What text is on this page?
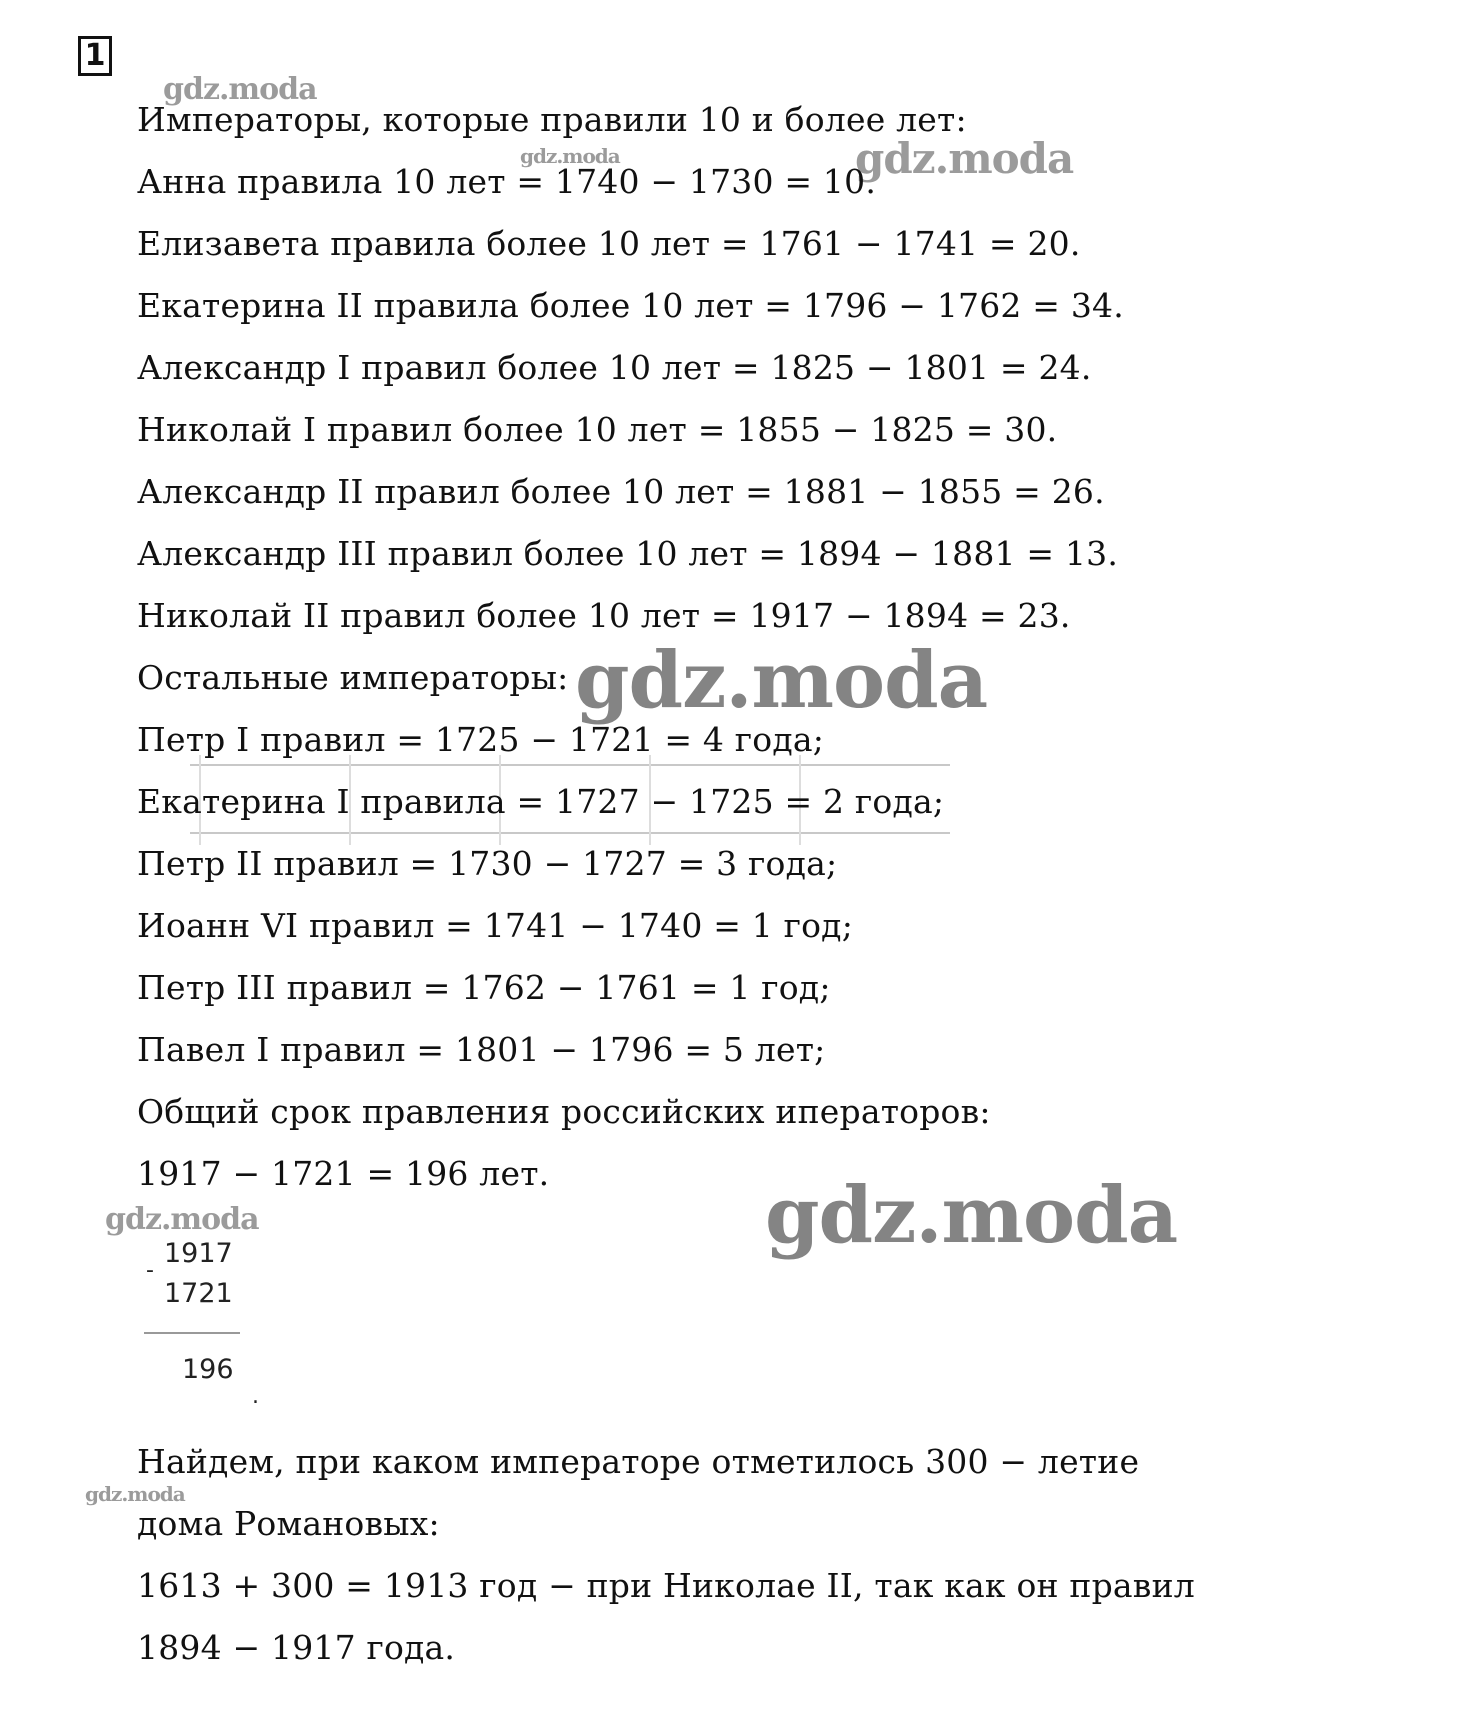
1
gdz.moda
gdz.moda	gdz.moda
gdz.moda
gdz.moda	gdz.moda
gdz.moda
Императоры, которые правили 10 и более лет:
Анна правила 10 лет = 1740 − 1730 = 10.
Елизавета правила более 10 лет = 1761 − 1741 = 20.
Екатерина II правила более 10 лет = 1796 − 1762 = 34.
Александр I правил более 10 лет = 1825 − 1801 = 24.
Николай I правил более 10 лет = 1855 − 1825 = 30.
Александр II правил более 10 лет = 1881 − 1855 = 26.
Александр III правил более 10 лет = 1894 − 1881 = 13.
Николай II правил более 10 лет = 1917 − 1894 = 23.
Остальные императоры:
Петр I правил = 1725 − 1721 = 4 года;
Екатерина I правила = 1727 − 1725 = 2 года;
Петр II правил = 1730 − 1727 = 3 года;
Иоанн VI правил = 1741 − 1740 = 1 год;
Петр III правил = 1762 − 1761 = 1 год;
Павел I правил = 1801 − 1796 = 5 лет;
Общий срок правления российских иператоров:
1917 − 1721 = 196 лет.
1917
-
1721
196
.
Найдем, при каком императоре отметилось 300 − летие
дома Романовых:
1613 + 300 = 1913 год − при Николае II, так как он правил
1894 − 1917 года.
